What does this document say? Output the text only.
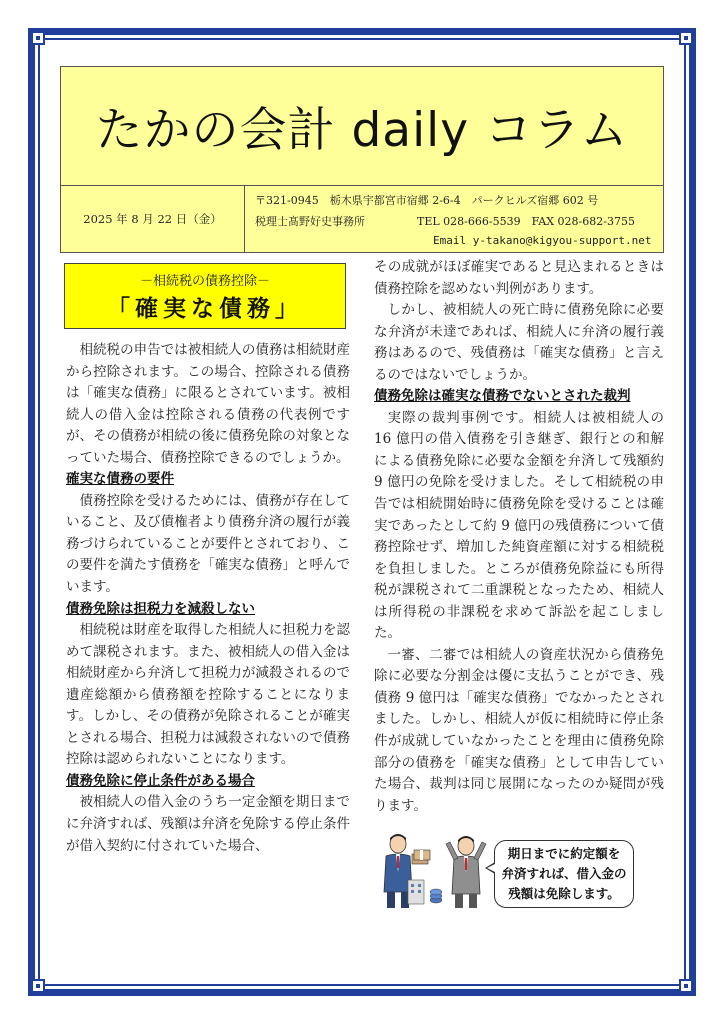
たかの会計 daily コラム
2025 年 8 月 22 日（金）
〒321-0945　栃木県宇都宮市宿郷 2-6-4　パークヒルズ宿郷 602 号
税理士髙野好史事務所	TEL 028-666-5539　FAX 028-682-3755
Email y-takano@kigyou-support.net
－相続税の債務控除－
「確実な債務」

相続税の申告では被相続人の債務は相続財産から控除されます。この場合、控除される債務は「確実な債務」に限るとされています。被相続人の借入金は控除される債務の代表例ですが、その債務が相続の後に債務免除の対象となっていた場合、債務控除できるのでしょうか。

確実な債務の要件

債務控除を受けるためには、債務が存在していること、及び債権者より債務弁済の履行が義務づけられていることが要件とされており、この要件を満たす債務を「確実な債務」と呼んでいます。

債務免除は担税力を減殺しない

相続税は財産を取得した相続人に担税力を認めて課税されます。また、被相続人の借入金は相続財産から弁済して担税力が減殺されるので遺産総額から債務額を控除することになります。しかし、その債務が免除されることが確実とされる場合、担税力は減殺されないので債務控除は認められないことになります。

債務免除に停止条件がある場合

被相続人の借入金のうち一定金額を期日までに弁済すれば、残額は弁済を免除する停止条件が借入契約に付されていた場合、

その成就がほぼ確実であると見込まれるときは債務控除を認めない判例があります。

しかし、被相続人の死亡時に債務免除に必要な弁済が未達であれば、相続人に弁済の履行義務はあるので、残債務は「確実な債務」と言えるのではないでしょうか。

債務免除は確実な債務でないとされた裁判

実際の裁判事例です。相続人は被相続人の 16 億円の借入債務を引き継ぎ、銀行との和解による債務免除に必要な金額を弁済して残額約 9 億円の免除を受けました。そして相続税の申告では相続開始時に債務免除を受けることは確実であったとして約 9 億円の残債務について債務控除せず、増加した純資産額に対する相続税を負担しました。ところが債務免除益にも所得税が課税されて二重課税となったため、相続人は所得税の非課税を求めて訴訟を起こしました。

一審、二審では相続人の資産状況から債務免除に必要な分割金は優に支払うことができ、残債務 9 億円は「確実な債務」でなかったとされました。しかし、相続人が仮に相続時に停止条件が成就していなかったことを理由に債務免除部分の債務を「確実な債務」として申告していた場合、裁判は同じ展開になったのか疑問が残ります。

期日までに約定額を
弁済すれば、借入金の
残額は免除します。
